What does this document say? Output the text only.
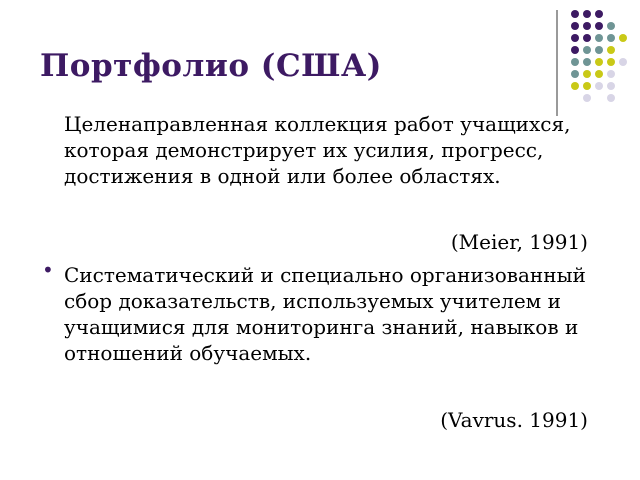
Портфолио (США)
Целенаправленная коллекция работ учащихся, которая демонстрирует их усилия, прогресс, достижения в одной или более областях.
(Meier, 1991)
• Систематический и специально организованный сбор доказательств, используемых учителем и учащимися для мониторинга знаний, навыков и отношений обучаемых.
(Vavrus. 1991)
